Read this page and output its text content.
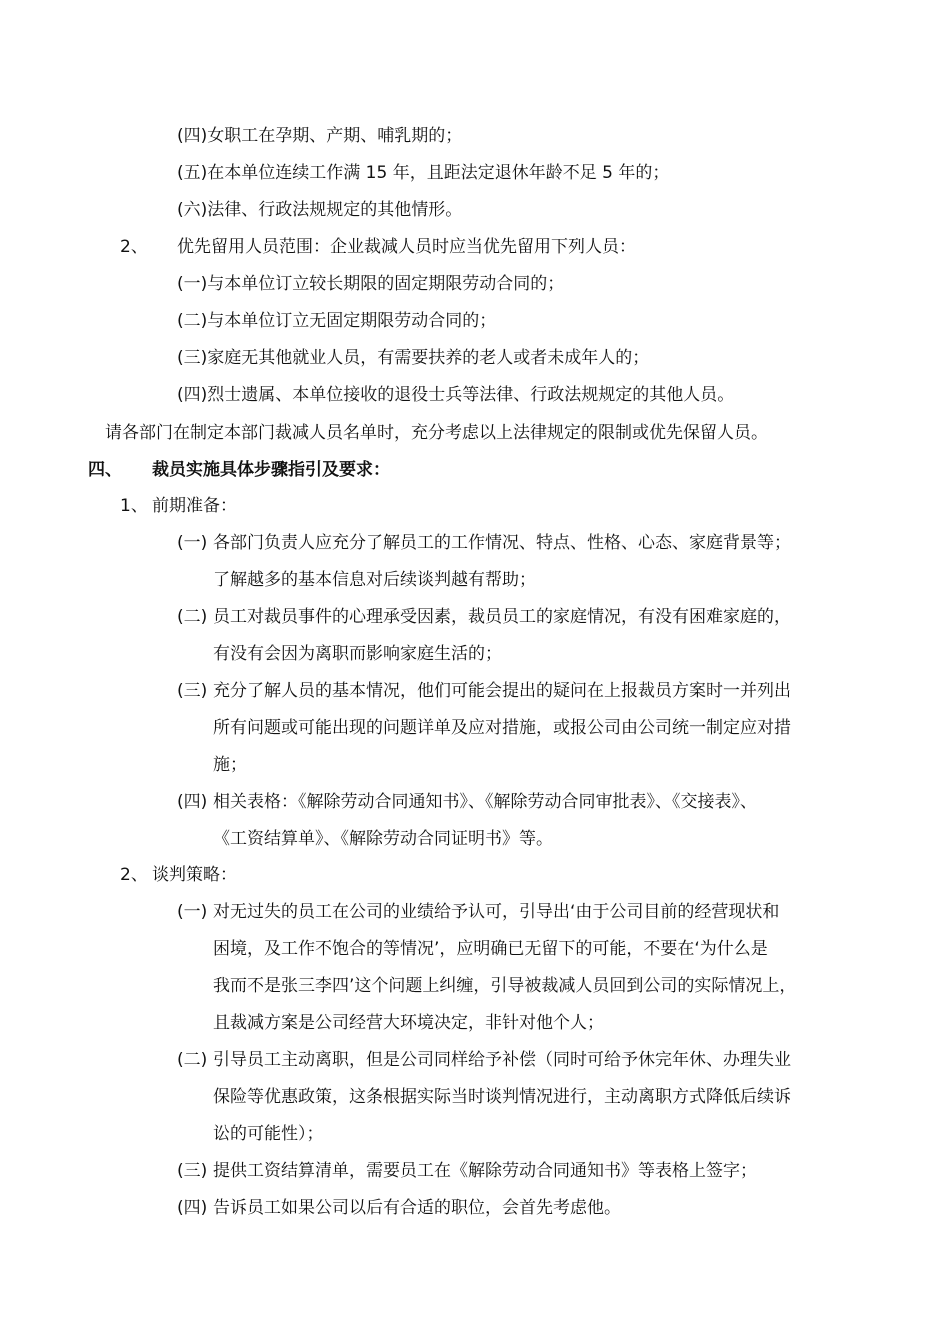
(四)女职工在孕期、产期、哺乳期的；
(五)在本单位连续工作满 15 年，且距法定退休年龄不足 5 年的；
(六)法律、行政法规规定的其他情形。
2、 优先留用人员范围：企业裁减人员时应当优先留用下列人员：
(一)与本单位订立较长期限的固定期限劳动合同的；
(二)与本单位订立无固定期限劳动合同的；
(三)家庭无其他就业人员，有需要扶养的老人或者未成年人的；
(四)烈士遗属、本单位接收的退役士兵等法律、行政法规规定的其他人员。
请各部门在制定本部门裁减人员名单时，充分考虑以上法律规定的限制或优先保留人员。
四、 裁员实施具体步骤指引及要求：
1、 前期准备：
(一) 各部门负责人应充分了解员工的工作情况、特点、性格、心态、家庭背景等；
了解越多的基本信息对后续谈判越有帮助；
(二) 员工对裁员事件的心理承受因素，裁员员工的家庭情况，有没有困难家庭的，
有没有会因为离职而影响家庭生活的；
(三) 充分了解人员的基本情况，他们可能会提出的疑问在上报裁员方案时一并列出
所有问题或可能出现的问题详单及应对措施，或报公司由公司统一制定应对措
施；
(四) 相关表格：《解除劳动合同通知书》、《解除劳动合同审批表》、《交接表》、
《工资结算单》、《解除劳动合同证明书》等。
2、 谈判策略：
(一) 对无过失的员工在公司的业绩给予认可，引导出‘由于公司目前的经营现状和
困境，及工作不饱合的等情况’，应明确已无留下的可能，不要在‘为什么是
我而不是张三李四’这个问题上纠缠，引导被裁减人员回到公司的实际情况上，
且裁减方案是公司经营大环境决定，非针对他个人；
(二) 引导员工主动离职，但是公司同样给予补偿（同时可给予休完年休、办理失业
保险等优惠政策，这条根据实际当时谈判情况进行，主动离职方式降低后续诉
讼的可能性）；
(三) 提供工资结算清单，需要员工在《解除劳动合同通知书》等表格上签字；
(四) 告诉员工如果公司以后有合适的职位，会首先考虑他。
